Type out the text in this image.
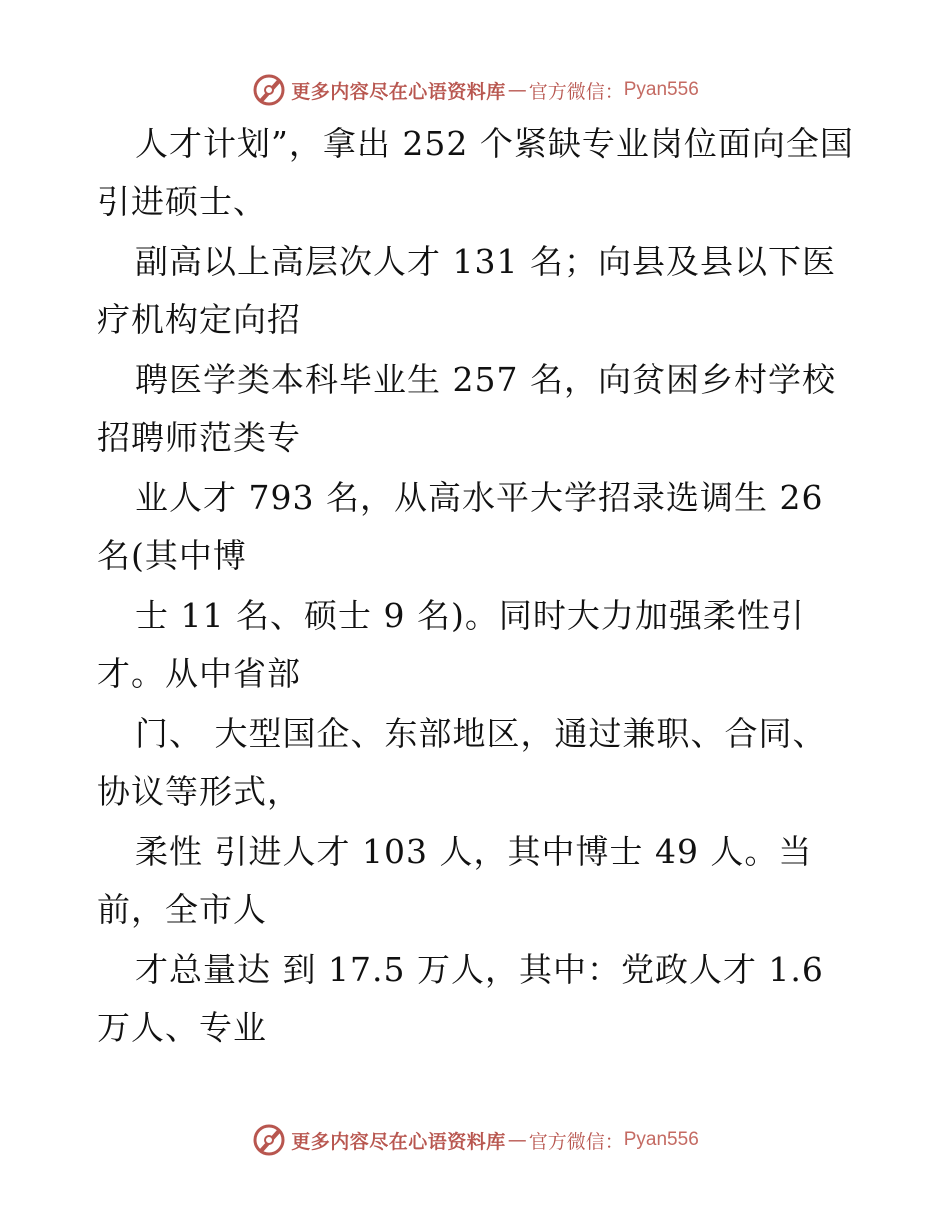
更多内容尽在心语资料库 — 官方微信： Pyan556
人才计划”，拿出 252 个紧缺专业岗位面向全国
引进硕士、
副高以上高层次人才 131 名；向县及县以下医
疗机构定向招
聘医学类本科毕业生 257 名，向贫困乡村学校
招聘师范类专
业人才 793 名，从高水平大学招录选调生 26
名(其中博
士 11 名、硕士 9 名)。同时大力加强柔性引
才。从中省部
门、 大型国企、东部地区，通过兼职、合同、
协议等形式，
柔性 引进人才 103 人，其中博士 49 人。当
前，全市人
才总量达 到 17.5 万人，其中：党政人才 1.6
万人、专业
更多内容尽在心语资料库 — 官方微信： Pyan556
